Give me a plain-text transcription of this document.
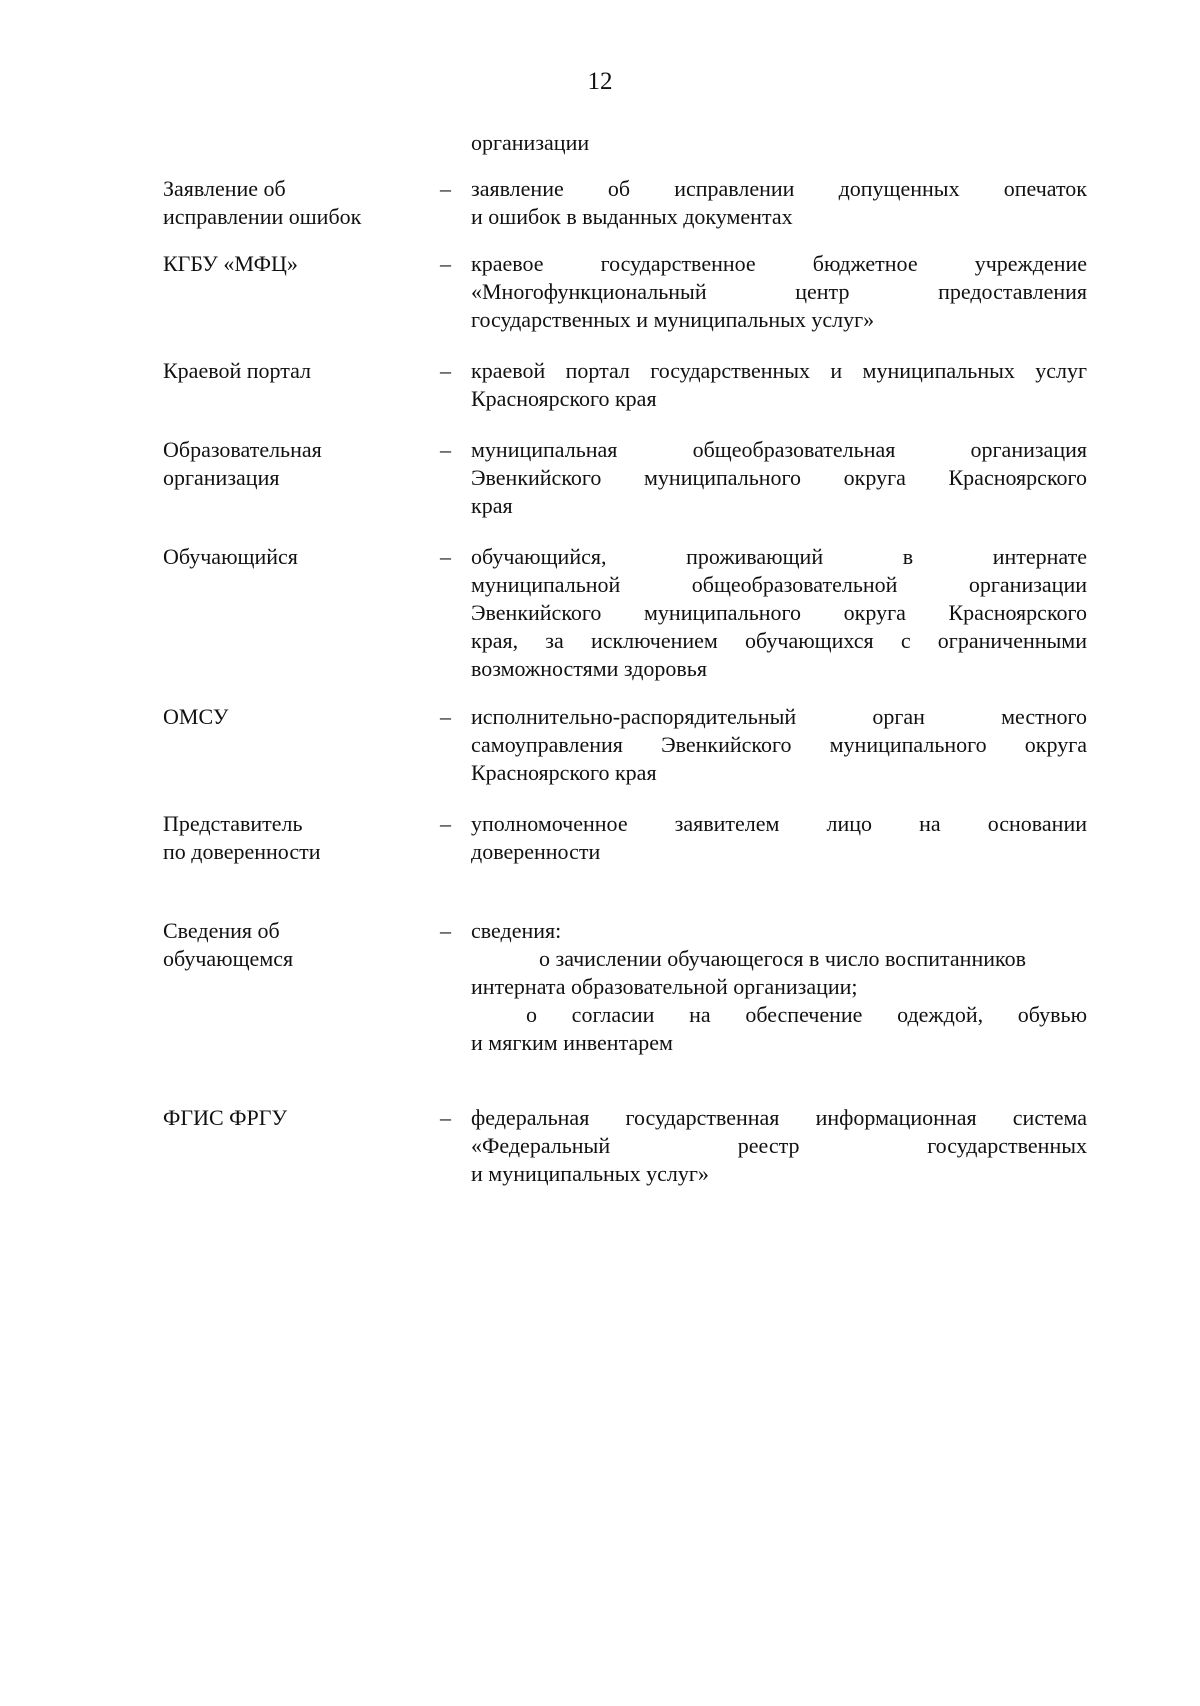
12
организации
Заявление об
исправлении ошибок
– заявление об исправлении допущенных опечаток
и ошибок в выданных документах
КГБУ «МФЦ»	– краевое государственное бюджетное учреждение
«Многофункциональный центр предоставления
государственных и муниципальных услуг»
Краевой портал	– краевой портал государственных и муниципальных услуг
Красноярского края
Образовательная
организация
– муниципальная общеобразовательная организация
Эвенкийского муниципального округа Красноярского
края
Обучающийся	– обучающийся, проживающий в интернате
муниципальной общеобразовательной организации
Эвенкийского муниципального округа Красноярского
края, за исключением обучающихся с ограниченными
возможностями здоровья
ОМСУ	– исполнительно-распорядительный орган местного
самоуправления Эвенкийского муниципального округа
Красноярского края
Представитель
по доверенности
– уполномоченное заявителем лицо на основании
доверенности
Сведения об
обучающемся
– сведения:
о зачислении обучающегося в число воспитанников
интерната образовательной организации;
о согласии на обеспечение одеждой, обувью
и мягким инвентарем
ФГИС ФРГУ	– федеральная государственная информационная система
«Федеральный реестр государственных
и муниципальных услуг»
